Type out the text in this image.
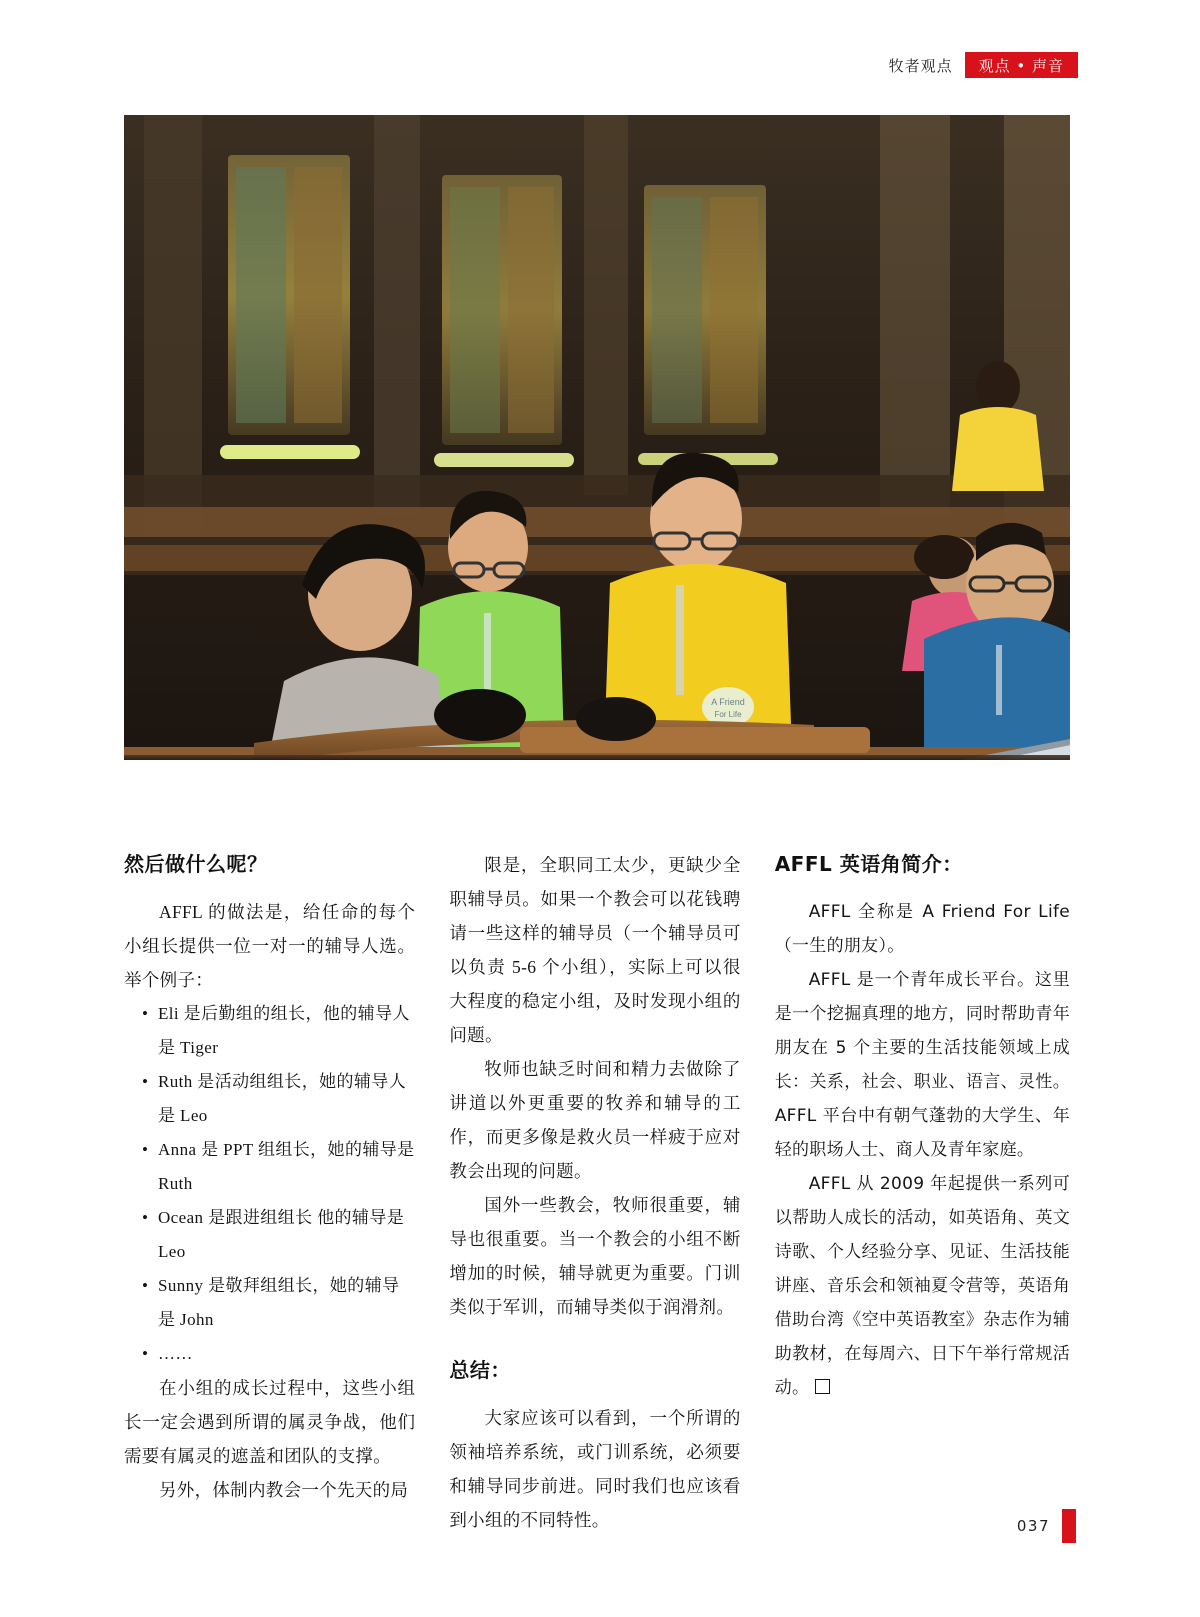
牧者观点	观点 • 声音
A Friend
For Life
然后做什么呢？

AFFL 的做法是，给任命的每个小组长提供一位一对一的辅导人选。举个例子：

• Eli 是后勤组的组长，他的辅导人是 Tiger
• Ruth 是活动组组长，她的辅导人是 Leo
• Anna 是 PPT 组组长，她的辅导是 Ruth
• Ocean 是跟进组组长 他的辅导是 Leo
• Sunny 是敬拜组组长，她的辅导是 John
• ……

在小组的成长过程中，这些小组长一定会遇到所谓的属灵争战，他们需要有属灵的遮盖和团队的支撑。

另外，体制内教会一个先天的局

限是，全职同工太少，更缺少全职辅导员。如果一个教会可以花钱聘请一些这样的辅导员（一个辅导员可以负责 5-6 个小组），实际上可以很大程度的稳定小组，及时发现小组的问题。

牧师也缺乏时间和精力去做除了讲道以外更重要的牧养和辅导的工作，而更多像是救火员一样疲于应对教会出现的问题。

国外一些教会，牧师很重要，辅导也很重要。当一个教会的小组不断增加的时候，辅导就更为重要。门训类似于军训，而辅导类似于润滑剂。

总结：

大家应该可以看到，一个所谓的领袖培养系统，或门训系统，必须要和辅导同步前进。同时我们也应该看到小组的不同特性。

AFFL 英语角简介：

AFFL 全称是 A Friend For Life（一生的朋友）。

AFFL 是一个青年成长平台。这里是一个挖掘真理的地方，同时帮助青年朋友在 5 个主要的生活技能领域上成长：关系，社会、职业、语言、灵性。AFFL 平台中有朝气蓬勃的大学生、年轻的职场人士、商人及青年家庭。

AFFL 从 2009 年起提供一系列可以帮助人成长的活动，如英语角、英文诗歌、个人经验分享、见证、生活技能讲座、音乐会和领袖夏令营等，英语角借助台湾《空中英语教室》杂志作为辅助教材，在每周六、日下午举行常规活动。

037
